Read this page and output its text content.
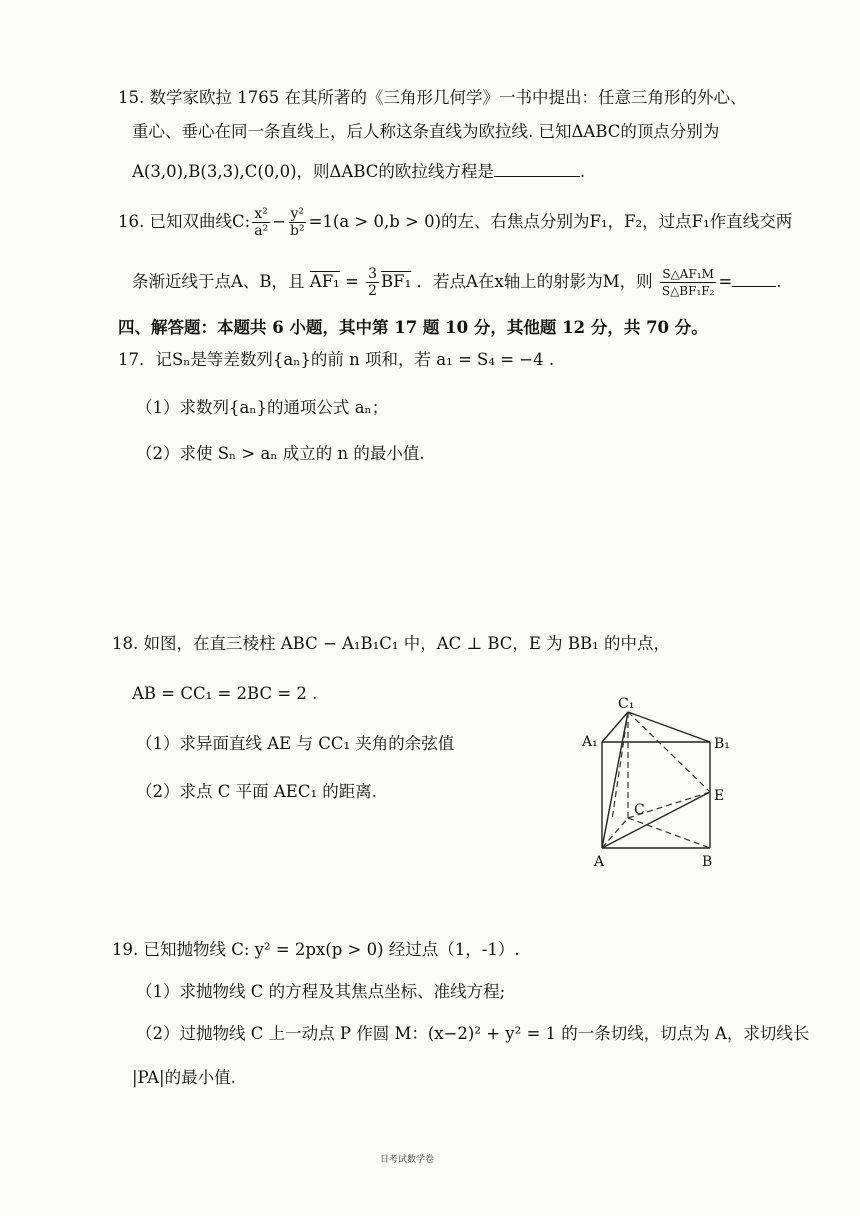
15. 数学家欧拉 1765 在其所著的《三角形几何学》一书中提出：任意三角形的外心、
重心、垂心在同一条直线上，后人称这条直线为欧拉线. 已知ΔABC的顶点分别为
A(3,0),B(3,3),C(0,0)，则ΔABC的欧拉线方程是	.
16. 已知双曲线C: $\frac{\text{x²}}{\text{a²}} - \frac{\text{y²}}{\text{b²}} =1(a > 0,b > 0)$的左、右焦点分别为F₁，F₂，过点F₁作直线交两
条渐近线于点A、B，且 $AF_1 = \frac{3}{2} BF_1$ ．若点A在x轴上的射影为M，则 $\frac{\text{S△AF₁M}}{\text{S△BF₁F₂}}$ =	.
四、解答题：本题共 6 小题，其中第 17 题 10 分，其他题 12 分，共 70 分。
17．记Sₙ是等差数列{aₙ}的前 n 项和，若 a₁ = S₄ = −4 .
（1）求数列{aₙ}的通项公式 aₙ；
（2）求使 Sₙ > aₙ 成立的 n 的最小值.
18. 如图，在直三棱柱 ABC − A₁B₁C₁ 中，AC ⊥ BC，E 为 BB₁ 的中点，
AB = CC₁ = 2BC = 2 .
（1）求异面直线 AE 与 CC₁ 夹角的余弦值
（2）求点 C 平面 AEC₁ 的距离.
C₁
A₁	B₁
E
C
A	B
19. 已知抛物线 C: y² = 2px(p > 0) 经过点（1，-1）.
（1）求抛物线 C 的方程及其焦点坐标、准线方程;
（2）过抛物线 C 上一动点 P 作圆 M：(x−2)² + y² = 1 的一条切线，切点为 A，求切线长
|PA|的最小值.
日考试数学卷
